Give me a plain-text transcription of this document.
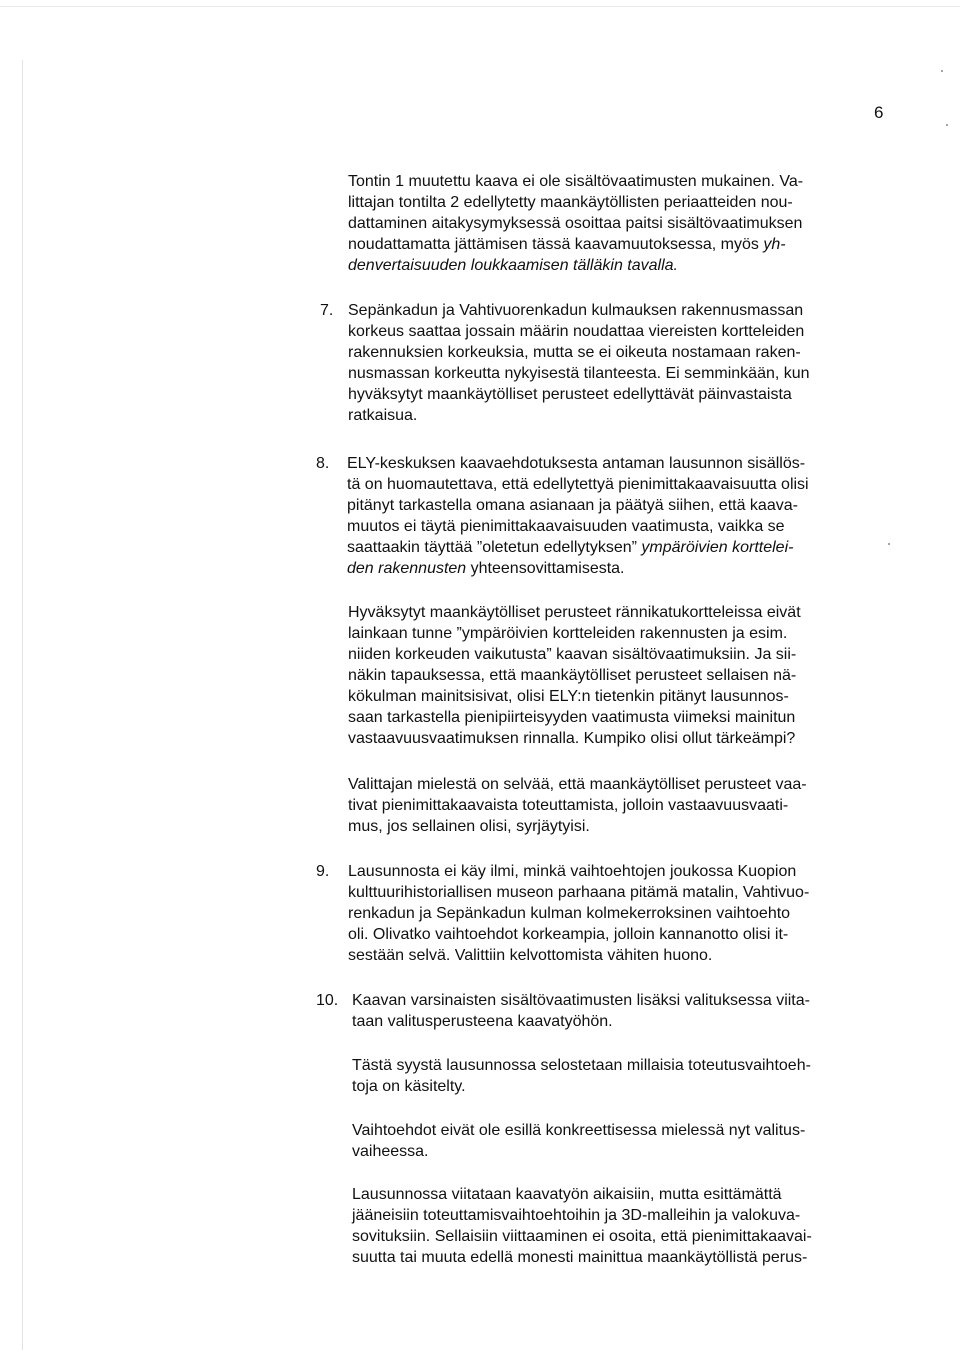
6
Tontin 1 muutettu kaava ei ole sisältövaatimusten mukainen. Va-
littajan tontilta 2 edellytetty maankäytöllisten periaatteiden nou-
dattaminen aitakysymyksessä osoittaa paitsi sisältövaatimuksen
noudattamatta jättämisen tässä kaavamuutoksessa, myös yh-
denvertaisuuden loukkaamisen tälläkin tavalla.
7. Sepänkadun ja Vahtivuorenkadun kulmauksen rakennusmassan
korkeus saattaa jossain määrin noudattaa viereisten kortteleiden
rakennuksien korkeuksia, mutta se ei oikeuta nostamaan raken-
nusmassan korkeutta nykyisestä tilanteesta. Ei semminkään, kun
hyväksytyt maankäytölliset perusteet edellyttävät päinvastaista
ratkaisua.
8. ELY-keskuksen kaavaehdotuksesta antaman lausunnon sisällös-
tä on huomautettava, että edellytettyä pienimittakaavaisuutta olisi
pitänyt tarkastella omana asianaan ja päätyä siihen, että kaava-
muutos ei täytä pienimittakaavaisuuden vaatimusta, vaikka se
saattaakin täyttää ”oletetun edellytyksen” ympäröivien korttelei-
den rakennusten yhteensovittamisesta.
Hyväksytyt maankäytölliset perusteet rännikatukortteleissa eivät
lainkaan tunne ”ympäröivien kortteleiden rakennusten ja esim.
niiden korkeuden vaikutusta” kaavan sisältövaatimuksiin. Ja sii-
näkin tapauksessa, että maankäytölliset perusteet sellaisen nä-
kökulman mainitsisivat, olisi ELY:n tietenkin pitänyt lausunnos-
saan tarkastella pienipiirteisyyden vaatimusta viimeksi mainitun
vastaavuusvaatimuksen rinnalla. Kumpiko olisi ollut tärkeämpi?
Valittajan mielestä on selvää, että maankäytölliset perusteet vaa-
tivat pienimittakaavaista toteuttamista, jolloin vastaavuusvaati-
mus, jos sellainen olisi, syrjäytyisi.
9. Lausunnosta ei käy ilmi, minkä vaihtoehtojen joukossa Kuopion
kulttuurihistoriallisen museon parhaana pitämä matalin, Vahtivuo-
renkadun ja Sepänkadun kulman kolmekerroksinen vaihtoehto
oli. Olivatko vaihtoehdot korkeampia, jolloin kannanotto olisi it-
sestään selvä. Valittiin kelvottomista vähiten huono.
10. Kaavan varsinaisten sisältövaatimusten lisäksi valituksessa viita-
taan valitusperusteena kaavatyöhön.
Tästä syystä lausunnossa selostetaan millaisia toteutusvaihtoeh-
toja on käsitelty.
Vaihtoehdot eivät ole esillä konkreettisessa mielessä nyt valitus-
vaiheessa.
Lausunnossa viitataan kaavatyön aikaisiin, mutta esittämättä
jääneisiin toteuttamisvaihtoehtoihin ja 3D-malleihin ja valokuva-
sovituksiin. Sellaisiin viittaaminen ei osoita, että pienimittakaavai-
suutta tai muuta edellä monesti mainittua maankäytöllistä perus-
